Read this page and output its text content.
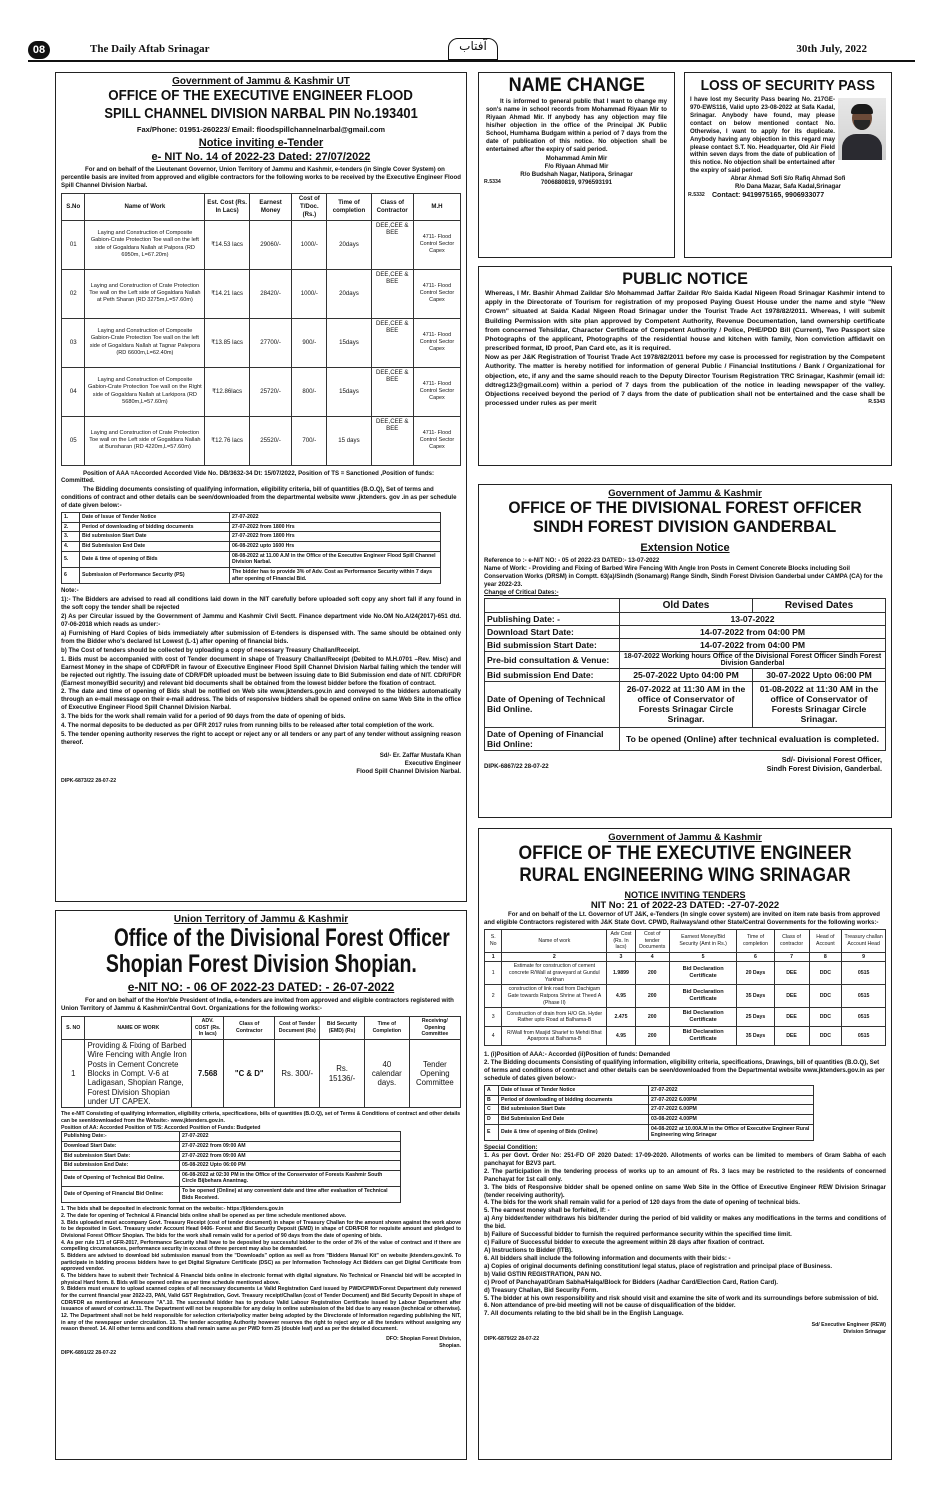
08	The Daily Aftab Srinagar	آفتاب	30th July, 2022
Government of Jammu & Kashmir UT
OFFICE OF THE EXECUTIVE ENGINEER FLOOD
SPILL CHANNEL DIVISION NARBAL PIN No.193401
Fax/Phone: 01951-260223/ Email: floodspillchannelnarbal@gmail.com
Notice inviting e-Tender
e- NIT No. 14 of 2022-23 Dated: 27/07/2022

For and on behalf of the Lieutenant Governor, Union Territory of Jammu and Kashmir, e-tenders (in Single Cover System) on percentile basis are invited from approved and eligible contractors for the following works to be received by the Executive Engineer Flood Spill Channel Division Narbal.

S.No	Name of Work	Est. Cost (Rs. In Lacs)	Earnest Money	Cost of T/Doc. (Rs.)	Time of completion	Class of Contractor	M.H
01	Laying and Construction of Composite Gabion-Crate Protection Toe wall on the left side of Gogaldara Nallah at Palpora (RD 6950m, L=67.20m)	₹14.53 lacs	29060/-	1000/-	20days	DEE,CEE & BEE	4711- Flood Control Sector Capex
02	Laying and Construction of Crate Protection Toe wall on the Left side of Gogaldara Nallah at Peth Sharan (RD 3275m,L=57.60m)	₹14.21 lacs	28420/-	1000/-	20days	DEE,CEE & BEE	4711- Flood Control Sector Capex
03	Laying and Construction of Composite Gabion-Crate Protection Toe wall on the left side of Gogaldara Nallah at Tagnar Palepora (RD 6600m,L=62.40m)	₹13.85 lacs	27700/-	900/-	15days	DEE,CEE & BEE	4711- Flood Control Sector Capex
04	Laying and Construction of Composite Gabion-Crate Protection Toe wall on the Right side of Gogaldara Nallah at Larkipora (RD 5680m,L=57.60m)	₹12.86lacs	25720/-	800/-	15days	DEE,CEE & BEE	4711- Flood Control Sector Capex
05	Laying and Construction of Crate Protection Toe wall on the Left side of Gogaldara Nallah at Bunsharan (RD 4220m,L=57.60m)	₹12.76 lacs	25520/-	700/-	15 days	DEE,CEE & BEE	4711- Flood Control Sector Capex

Position of AAA =Accorded Accorded Vide No. DB/3632-34 Dt: 15/07/2022, Position of TS = Sanctioned ,Position of funds: Committed.

The Bidding documents consisting of qualifying information, eligibility criteria, bill of quantities (B.O.Q), Set of terms and conditions of contract and other details can be seen/downloaded from the departmental website www .jktenders. gov .in as per schedule of date given below:-

1.	Date of Issue of Tender Notice	27-07-2022
2.	Period of downloading of bidding documents	27-07-2022 from 1800 Hrs
3.	Bid submission Start Date	27-07-2022 from 1800 Hrs
4.	Bid Submission End Date	06-08-2022 upto 1600 Hrs
5.	Date & time of opening of Bids	08-08-2022 at 11.00 A.M in the Office of the Executive Engineer Flood Spill Channel Division Narbal.
6	Submission of Performance Security (PS)	The bidder has to provide 3% of Adv. Cost as Performance Security within 7 days after opening of Financial Bid.
Note:-

1):- The Bidders are advised to read all conditions laid down in the NIT carefully before uploaded soft copy any short fall if any found in the soft copy the tender shall be rejected

2) As per Circular issued by the Government of Jammu and Kashmir Civil Sectt. Finance department vide No.OM No.A/24(2017)-651 dtd. 07-06-2018 which reads as under:-

a) Furnishing of Hard Copies of bids immediately after submission of E-tenders is dispensed with. The same should be obtained only from the Bidder who's declared Ist Lowest (L-1) after opening of financial bids.

b) The Cost of tenders should be collected by uploading a copy of necessary Treasury Challan/Receipt.

1. Bids must be accompanied with cost of Tender document in shape of Treasury Challan/Receipt (Debited to M.H.0701 –Rev. Misc) and Earnest Money in the shape of CDR/FDR in favour of Executive Engineer Flood Spill Channel Division Narbal failing which the tender will be rejected out rightly. The issuing date of CDR/FDR uploaded must be between issuing date to Bid Submission end date of NIT. CDR/FDR (Earnest money/Bid security) and relevant bid documents shall be obtained from the lowest bidder before the fixation of contract.

2. The date and time of opening of Bids shall be notified on Web site www.jktenders.gov.in and conveyed to the bidders automatically through an e-mail message on their e-mail address. The bids of responsive bidders shall be opened online on same Web Site in the office of Executive Engineer Flood Spill Channel Division Narbal.

3. The bids for the work shall remain valid for a period of 90 days from the date of opening of bids.

4. The normal deposits to be deducted as per GFR 2017 rules from running bills to be released after total completion of the work.

5. The tender opening authority reserves the right to accept or reject any or all tenders or any part of any tender without assigning reason thereof.

Sd/- Er. Zaffar Mustafa Khan
Executive Engineer
Flood Spill Channel Division Narbal.
DIPK-6873/22 28-07-22
Union Territory of Jammu & Kashmir
Office of the Divisional Forest Officer
Shopian Forest Division Shopian.
e-NIT NO: - 06 OF 2022-23 DATED: - 26-07-2022

For and on behalf of the Hon'ble President of India, e-tenders are invited from approved and eligible contractors registered with Union Territory of Jammu & Kashmir/Central Govt. Organizations for the following works:-

S. NO	NAME OF WORK	ADV. COST (Rs. In lacs)	Class of Contractor	Cost of Tender Document (Rs)	Bid Security (EMD) (Rs)	Time of Completion	Receiving/ Opening Committee
1	Providing & Fixing of Barbed Wire Fencing with Angle Iron Posts in Cement Concrete Blocks in Compt. V-6 at Ladigasan, Shopian Range, Forest Division Shopian under UT CAPEX.	7.568	"C & D"	Rs. 300/-	Rs. 15136/-	40 calendar days.	Tender Opening Committee

The e-NIT Consisting of qualifying information, eligibility criteria, specifications, bills of quantities (B.O.Q), set of Terms & Conditions of contract and other details can be seen/downloaded from the Website:- www.jktenders.gov.in.

Position of AA: Accorded Position of T/S: Accorded Position of Funds: Budgeted

Publishing Date:-	27-07-2022
Download Start Date:	27-07-2022 from 09:00 AM
Bid submission Start Date:	27-07-2022 from 09:00 AM
Bid submission End Date:	05-08-2022 Upto 06:00 PM
Date of Opening of Technical Bid Online.	06-08-2022 at 02:30 PM in the Office of the Conservator of Forests Kashmir South Circle Bijbehara Anantnag.
Date of Opening of Financial Bid Online:	To be opened (Online) at any convenient date and time after evaluation of Technical Bids Received.

1. The bids shall be deposited in electronic format on the website:- https://jktenders.gov.in

2. The date for opening of Technical & Financial bids online shall be opened as per time schedule mentioned above.

3. Bids uploaded must accompany Govt. Treasury Receipt (cost of tender document) in shape of Treasury Challan for the amount shown against the work above to be deposited in Govt. Treasury under Account Head 0406- Forest and Bid Security Deposit (EMD) in shape of CDR/FDR for requisite amount and pledged to Divisional Forest Officer Shopian. The bids for the work shall remain valid for a period of 90 days from the date of opening of bids.

4. As per rule 171 of GFR-2017, Performance Security shall have to be deposited by successful bidder to the order of 3% of the value of contract and if there are compelling circumstances, performance security in excess of three percent may also be demanded.

5. Bidders are advised to download bid submission manual from the "Downloads" option as well as from "Bidders Manual Kit" on website jktenders.gov.in6. To participate in bidding process bidders have to get Digital Signature Certificate (DSC) as per Information Technology Act Bidders can get Digital Certificate from approved vendor.

6. The bidders have to submit their Technical & Financial bids online in electronic format with digital signature. No Technical or Financial bid will be accepted in physical Hard form. 8. Bids will be opened online as per time schedule mentioned above.

9. Bidders must ensure to upload scanned copies of all necessary documents i.e Valid Registration Card issued by PWD/CPWD/Forest Department duly renewed for the current financial year 2022-23, PAN, Valid GST Registration, Govt. Treasury receipt/Challan (cost of Tender Document) and Bid Security Deposit in shape of CDR/FDR as mentioned at Annexure "A".10. The successful bidder has to produce Valid Labour Registration Certificate issued by Labour Department after issuance of award of contract.11. The Department will not be responsible for any delay in online submission of the bid due to any reason (technical or otherwise). 12. The Department shall not be held responsible for selection criteria/policy matter being adopted by the Directorate of Information regarding publishing the NIT, in any of the newspaper under circulation. 13. The tender accepting Authority however reserves the right to reject any or all the tenders without assigning any reason thereof. 14. All other terms and conditions shall remain same as per PWD form 25 (double leaf) and as per the detailed document.

DFO: Shopian Forest Division,
Shopian.
DIPK-6891/22 28-07-22
NAME CHANGE

It is informed to general public that I want to change my son's name in school records from Mohammad Riyaan Mir to Riyaan Ahmad Mir. If anybody has any objection may file his/her objection in the office of the Principal JK Public School, Humhama Budgam within a period of 7 days from the date of publication of this notice. No objection shall be entertained after the expiry of said period.

Mohammad Amin Mir
F/o Riyaan Ahmad Mir
R/o Budshah Nagar, Natipora, Srinagar
R.5334	7006880819, 9796593191
LOSS OF SECURITY PASS

I have lost my Security Pass bearing No. 217GE-970-EWS116, Valid upto 23-08-2022 at Safa Kadal, Srinagar. Anybody have found, may please contact on below mentioned contact No. Otherwise, I want to apply for its duplicate. Anybody having any objection in this regard may please contact S.T. No. Headquarter, Old Air Field within seven days from the date of publication of this notice. No objection shall be entertained after the expiry of said period.

Abrar Ahmad Sofi S/o Rafiq Ahmad Sofi
R/o Dana Mazar, Safa Kadal,Srinagar
R.5332	Contact: 9419975165, 9906933077
PUBLIC NOTICE

Whereas, I Mr. Bashir Ahmad Zaildar S/o Mohammad Jaffar Zaildar R/o Saida Kadal Nigeen Road Srinagar Kashmir intend to apply in the Directorate of Tourism for registration of my proposed Paying Guest House under the name and style "New Crown" situated at Saida Kadal Nigeen Road Srinagar under the Tourist Trade Act 1978/82/2011. Whereas, I will submit Building Permission with site plan approved by Competent Authority, Revenue Documentation, land ownership certificate from concerned Tehsildar, Character Certificate of Competent Authority / Police, PHE/PDD Bill (Current), Two Passport size Photographs of the applicant, Photographs of the residential house and kitchen with family, Non conviction affidavit on prescribed format, ID proof, Pan Card etc, as it is required.

Now as per J&K Registration of Tourist Trade Act 1978/82/2011 before my case is processed for registration by the Competent Authority. The matter is hereby notified for information of general Public / Financial Institutions / Bank / Organizational for objection, etc, if any and the same should reach to the Deputy Director Tourism Registration TRC Srinagar, Kashmir (email id: ddtreg123@gmail.com) within a period of 7 days from the publication of the notice in leading newspaper of the valley. Objections received beyond the period of 7 days from the date of publication shall not be entertained and the case shall be processed under rules as per merit	R.5343

Government of Jammu & Kashmir
OFFICE OF THE DIVISIONAL FOREST OFFICER
SINDH FOREST DIVISION GANDERBAL
Extension Notice

Reference to :- e-NIT NO: - 05 of 2022-23 DATED:- 13-07-2022

Name of Work: - Providing and Fixing of Barbed Wire Fencing With Angle Iron Posts in Cement Concrete Blocks including Soil Conservation Works (DRSM) in Comptt. 63(a)/Sindh (Sonamarg) Range Sindh, Sindh Forest Division Ganderbal under CAMPA (CA) for the year 2022-23.

Change of Critical Dates:-

	Old Dates	Revised Dates
Publishing Date: -	13-07-2022	
Download Start Date:	14-07-2022 from 04:00 PM	
Bid submission Start Date:	14-07-2022 from 04:00 PM	
Pre-bid consultation & Venue:	18-07-2022 Working hours Office of the Divisional Forest Officer Sindh Forest Division Ganderbal	
Bid submission End Date:	25-07-2022 Upto 04:00 PM	30-07-2022 Upto 06:00 PM
Date of Opening of Technical Bid Online.	26-07-2022 at 11:30 AM in the office of Conservator of Forests Srinagar Circle Srinagar.	01-08-2022 at 11:30 AM in the office of Conservator of Forests Srinagar Circle Srinagar.
Date of Opening of Financial Bid Online:	To be opened (Online) after technical evaluation is completed.	
DIPK-6867/22 28-07-22
Sd/- Divisional Forest Officer,
Sindh Forest Division, Ganderbal.
Government of Jammu & Kashmir
OFFICE OF THE EXECUTIVE ENGINEER
RURAL ENGINEERING WING SRINAGAR
NOTICE INVITING TENDERS
NIT No: 21 of 2022-23 DATED: -27-07-2022

For and on behalf of the Lt. Governor of UT J&K, e-Tenders (In single cover system) are invited on item rate basis from approved and eligible Contractors registered with J&K State Govt. CPWD, Railways/and other State/Central Governments for the following works:-

S. No	Name of work	Adv Cost (Rs. In lacs)	Cost of tender Documents	Earnest Money/Bid Security (Amt in Rs.)	Time of completion	Class of contractor	Head of Account	Treasury challan Account Head
1	2	3	4	5	6	7	8	9
1	Estimate for construction of cement concrete R/Wall at graveyard at Gundul Yarkhan	1.9899	200	Bid Declaration Certificate	20 Days	DEE	DDC	0515
2	construction of link road from Dachigam Gate towards Ratpora Shrine at Theed A (Phase II)	4.95	200	Bid Declaration Certificate	35 Days	DEE	DDC	0515
3	Construction of drain from H/O Gh. Hyder Rather upto Road at Balhama-B	2.475	200	Bid Declaration Certificate	25 Days	DEE	DDC	0515
4	R/Wall from Masjid Sharief to Mehdi Bhat Aparpora at Balhama-B	4.95	200	Bid Declaration Certificate	35 Days	DEE	DDC	0515

1. (i)Position of AAA:- Accorded (ii)Position of funds: Demanded

2. The Bidding documents Consisting of qualifying information, eligibility criteria, specifications, Drawings, bill of quantities (B.O.Q), Set of terms and conditions of contract and other details can be seen/downloaded from the Departmental website www.jktenders.gov.in as per schedule of dates given below:-

A	Date of Issue of Tender Notice	27-07-2022
B	Period of downloading of bidding documents	27-07-2022 6.00PM
C	Bid submission Start Date	27-07-2022 6.00PM
D	Bid Submission End Date	03-08-2022 4.00PM
E	Date & time of opening of Bids (Online)	04-08-2022 at 10.00A.M in the Office of Executive Engineer Rural Engineering wing Srinagar
Special Condition:

1. As per Govt. Order No: 251-FD OF 2020 Dated: 17-09-2020. Allotments of works can be limited to members of Gram Sabha of each panchayat for B2V3 part.

2. The participation in the tendering process of works up to an amount of Rs. 3 lacs may be restricted to the residents of concerned Panchayat for 1st call only.

3. The bids of Responsive bidder shall be opened online on same Web Site in the Office of Executive Engineer REW Division Srinagar (tender receiving authority).

4. The bids for the work shall remain valid for a period of 120 days from the date of opening of technical bids.

5. The earnest money shall be forfeited, If: -

a) Any bidder/tender withdraws his bid/tender during the period of bid validity or makes any modifications in the terms and conditions of the bid.

b) Failure of Successful bidder to furnish the required performance security within the specified time limit.

c) Failure of Successful bidder to execute the agreement within 28 days after fixation of contract.

A) Instructions to Bidder (ITB).

6. All bidders shall include the following information and documents with their bids: -

a) Copies of original documents defining constitution/ legal status, place of registration and principal place of Business.

b) Valid GSTIN REGISTRATION, PAN NO.

c) Proof of Panchayat/Gram Sabha/Halqa/Block for Bidders (Aadhar Card/Election Card, Ration Card).

d) Treasury Challan, Bid Security Form.

5. The bidder at his own responsibility and risk should visit and examine the site of work and its surroundings before submission of bid.

6. Non attendance of pre-bid meeting will not be cause of disqualification of the bidder.

7. All documents relating to the bid shall be in the English Language.

Sd/ Executive Engineer (REW)
Division Srinagar
DIPK-6879/22 28-07-22
